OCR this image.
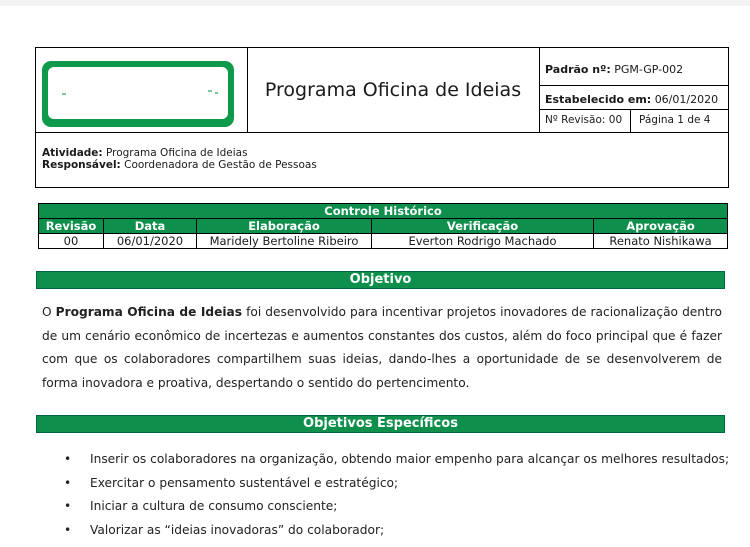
Programa Oficina de Ideias
Padrão nº: PGM-GP-002
Estabelecido em: 06/01/2020
Nº Revisão: 00	Página 1 de 4
Atividade: Programa Oficina de Ideias
Responsável: Coordenadora de Gestão de Pessoas
Controle Histórico				
Revisão	Data	Elaboração	Verificação	Aprovação
00	06/01/2020	Maridely Bertoline Ribeiro	Everton Rodrigo Machado	Renato Nishikawa
Objetivo
O Programa Oficina de Ideias foi desenvolvido para incentivar projetos inovadores de racionalização dentro de um cenário econômico de incertezas e aumentos constantes dos custos, além do foco principal que é fazer com que os colaboradores compartilhem suas ideias, dando-lhes a oportunidade de se desenvolverem de forma inovadora e proativa, despertando o sentido do pertencimento.
Objetivos Específicos
• Inserir os colaboradores na organização, obtendo maior empenho para alcançar os melhores resultados;
• Exercitar o pensamento sustentável e estratégico;
• Iniciar a cultura de consumo consciente;
• Valorizar as “ideias inovadoras” do colaborador;
